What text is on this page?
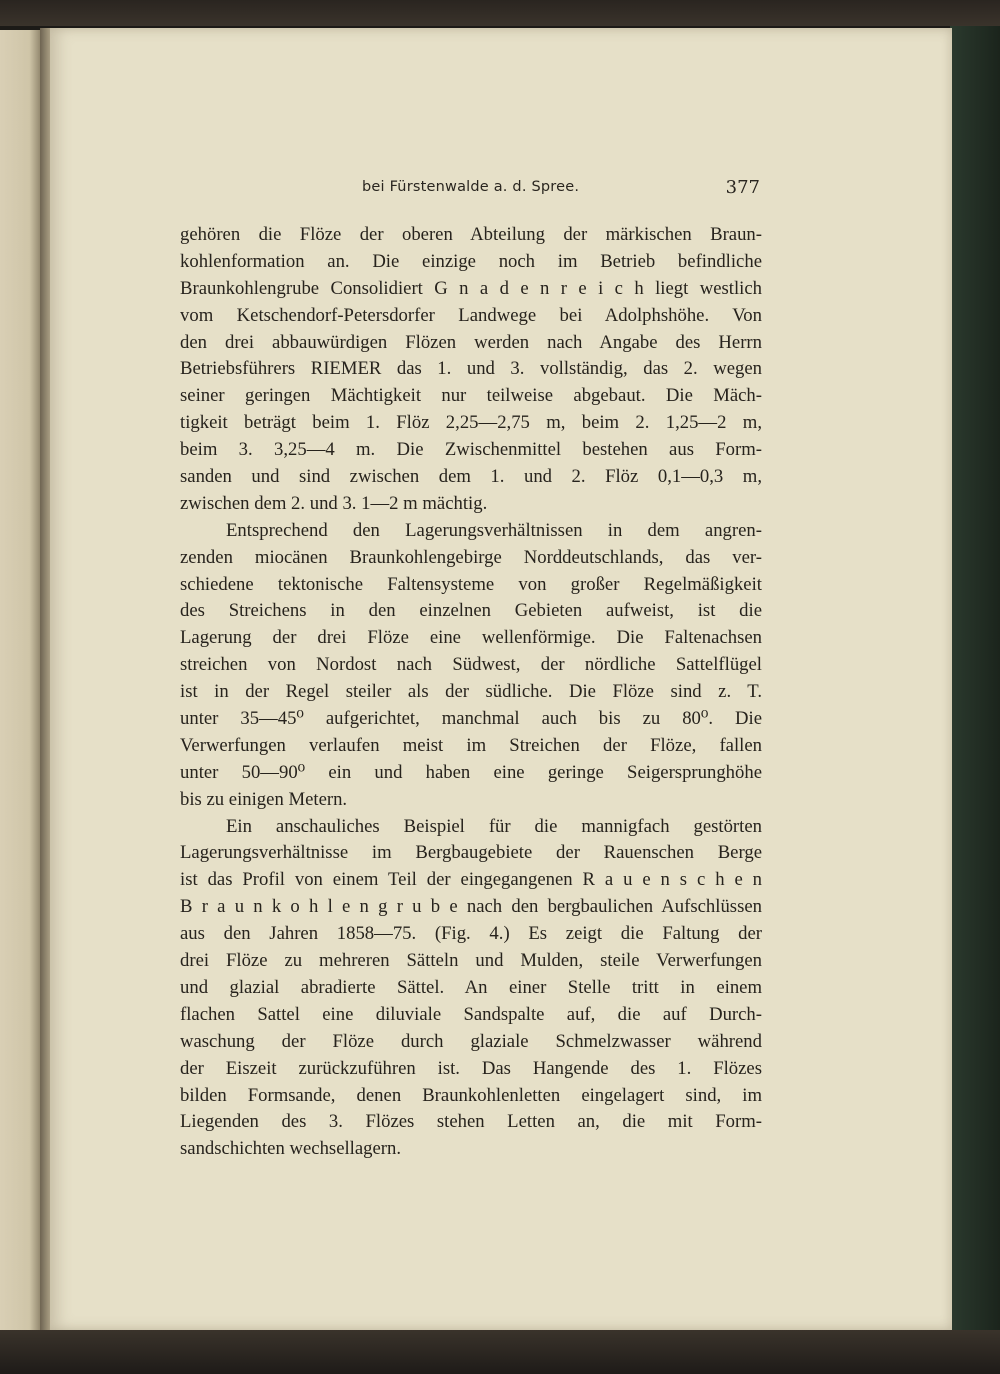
bei Fürstenwalde a. d. Spree.	377
gehören die Flöze der oberen Abteilung der märkischen Braun-
kohlenformation an. Die einzige noch im Betrieb befindliche
Braunkohlengrube Consolidiert G n a d e n r e i c h liegt westlich
vom Ketschendorf-Petersdorfer Landwege bei Adolphshöhe. Von
den drei abbauwürdigen Flözen werden nach Angabe des Herrn
Betriebsführers RIEMER das 1. und 3. vollständig, das 2. wegen
seiner geringen Mächtigkeit nur teilweise abgebaut. Die Mäch-
tigkeit beträgt beim 1. Flöz 2,25—2,75 m, beim 2. 1,25—2 m,
beim 3. 3,25—4 m. Die Zwischenmittel bestehen aus Form-
sanden und sind zwischen dem 1. und 2. Flöz 0,1—0,3 m,
zwischen dem 2. und 3. 1—2 m mächtig.
Entsprechend den Lagerungsverhältnissen in dem angren-
zenden miocänen Braunkohlengebirge Norddeutschlands, das ver-
schiedene tektonische Faltensysteme von großer Regelmäßigkeit
des Streichens in den einzelnen Gebieten aufweist, ist die
Lagerung der drei Flöze eine wellenförmige. Die Faltenachsen
streichen von Nordost nach Südwest, der nördliche Sattelflügel
ist in der Regel steiler als der südliche. Die Flöze sind z. T.
unter 35—45⁰ aufgerichtet, manchmal auch bis zu 80⁰. Die
Verwerfungen verlaufen meist im Streichen der Flöze, fallen
unter 50—90⁰ ein und haben eine geringe Seigersprunghöhe
bis zu einigen Metern.
Ein anschauliches Beispiel für die mannigfach gestörten
Lagerungsverhältnisse im Bergbaugebiete der Rauenschen Berge
ist das Profil von einem Teil der eingegangenen R a u e n s c h e n
B r a u n k o h l e n g r u b e nach den bergbaulichen Aufschlüssen
aus den Jahren 1858—75. (Fig. 4.) Es zeigt die Faltung der
drei Flöze zu mehreren Sätteln und Mulden, steile Verwerfungen
und glazial abradierte Sättel. An einer Stelle tritt in einem
flachen Sattel eine diluviale Sandspalte auf, die auf Durch-
waschung der Flöze durch glaziale Schmelzwasser während
der Eiszeit zurückzuführen ist. Das Hangende des 1. Flözes
bilden Formsande, denen Braunkohlenletten eingelagert sind, im
Liegenden des 3. Flözes stehen Letten an, die mit Form-
sandschichten wechsellagern.
